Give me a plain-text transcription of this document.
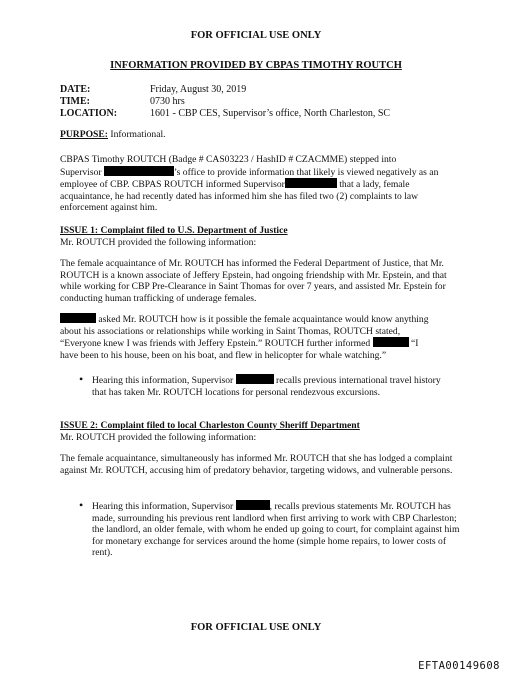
FOR OFFICIAL USE ONLY
INFORMATION PROVIDED BY CBPAS TIMOTHY ROUTCH
DATE:	Friday, August 30, 2019
TIME:	0730 hrs
LOCATION:	1601 - CBP CES, Supervisor’s office, North Charleston, SC
PURPOSE: Informational.
CBPAS Timothy ROUTCH (Badge # CAS03223 / HashID # CZACMME) stepped into
Supervisor	’s office to provide information that likely is viewed negatively as an
employee of CBP. CBPAS ROUTCH informed Supervisor	that a lady, female
acquaintance, he had recently dated has informed him she has filed two (2) complaints to law
enforcement against him.
ISSUE 1: Complaint filed to U.S. Department of Justice
Mr. ROUTCH provided the following information:
The female acquaintance of Mr. ROUTCH has informed the Federal Department of Justice, that Mr. ROUTCH is a known associate of Jeffery Epstein, had ongoing friendship with Mr. Epstein, and that while working for CBP Pre-Clearance in Saint Thomas for over 7 years, and assisted Mr. Epstein for conducting human trafficking of underage females.
asked Mr. ROUTCH how is it possible the female acquaintance would know anything
about his associations or relationships while working in Saint Thomas, ROUTCH stated,
“Everyone knew I was friends with Jeffery Epstein.” ROUTCH further informed	“I
have been to his house, been on his boat, and flew in helicopter for whale watching.”
• Hearing this information, Supervisor	recalls previous international travel history
that has taken Mr. ROUTCH locations for personal rendezvous excursions.
ISSUE 2: Complaint filed to local Charleston County Sheriff Department
Mr. ROUTCH provided the following information:
The female acquaintance, simultaneously has informed Mr. ROUTCH that she has lodged a complaint against Mr. ROUTCH, accusing him of predatory behavior, targeting widows, and vulnerable persons.
• Hearing this information, Supervisor	, recalls previous statements Mr. ROUTCH has made, surrounding his previous rent landlord when first arriving to work with CBP Charleston; the landlord, an older female, with whom he ended up going to court, for complaint against him for monetary exchange for services around the home (simple home repairs, to lower costs of rent).
FOR OFFICIAL USE ONLY
EFTA00149608
